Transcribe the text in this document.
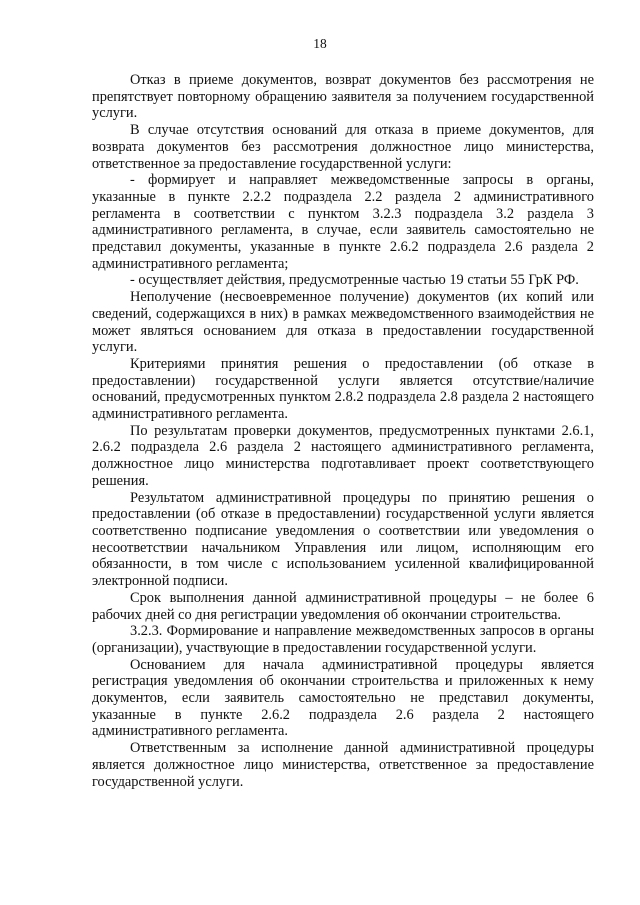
18

Отказ в приеме документов, возврат документов без рассмотрения не препятствует повторному обращению заявителя за получением государственной услуги.

В случае отсутствия оснований для отказа в приеме документов, для возврата документов без рассмотрения должностное лицо министерства, ответственное за предоставление государственной услуги:

- формирует и направляет межведомственные запросы в органы, указанные в пункте 2.2.2 подраздела 2.2 раздела 2 административного регламента в соответствии с пунктом 3.2.3 подраздела 3.2 раздела 3 административного регламента, в случае, если заявитель самостоятельно не представил документы, указанные в пункте 2.6.2 подраздела 2.6 раздела 2 административного регламента;

- осуществляет действия, предусмотренные частью 19 статьи 55 ГрК РФ.

Неполучение (несвоевременное получение) документов (их копий или сведений, содержащихся в них) в рамках межведомственного взаимодействия не может являться основанием для отказа в предоставлении государственной услуги.

Критериями принятия решения о предоставлении (об отказе в предоставлении) государственной услуги является отсутствие/наличие оснований, предусмотренных пунктом 2.8.2 подраздела 2.8 раздела 2 настоящего административного регламента.

По результатам проверки документов, предусмотренных пунктами 2.6.1, 2.6.2 подраздела 2.6 раздела 2 настоящего административного регламента, должностное лицо министерства подготавливает проект соответствующего решения.

Результатом административной процедуры по принятию решения о предоставлении (об отказе в предоставлении) государственной услуги является соответственно подписание уведомления о соответствии или уведомления о несоответствии начальником Управления или лицом, исполняющим его обязанности, в том числе с использованием усиленной квалифицированной электронной подписи.

Срок выполнения данной административной процедуры – не более 6 рабочих дней со дня регистрации уведомления об окончании строительства.

3.2.3. Формирование и направление межведомственных запросов в органы (организации), участвующие в предоставлении государственной услуги.

Основанием для начала административной процедуры является регистрация уведомления об окончании строительства и приложенных к нему документов, если заявитель самостоятельно не представил документы, указанные в пункте 2.6.2 подраздела 2.6 раздела 2 настоящего административного регламента.

Ответственным за исполнение данной административной процедуры является должностное лицо министерства, ответственное за предоставление государственной услуги.
